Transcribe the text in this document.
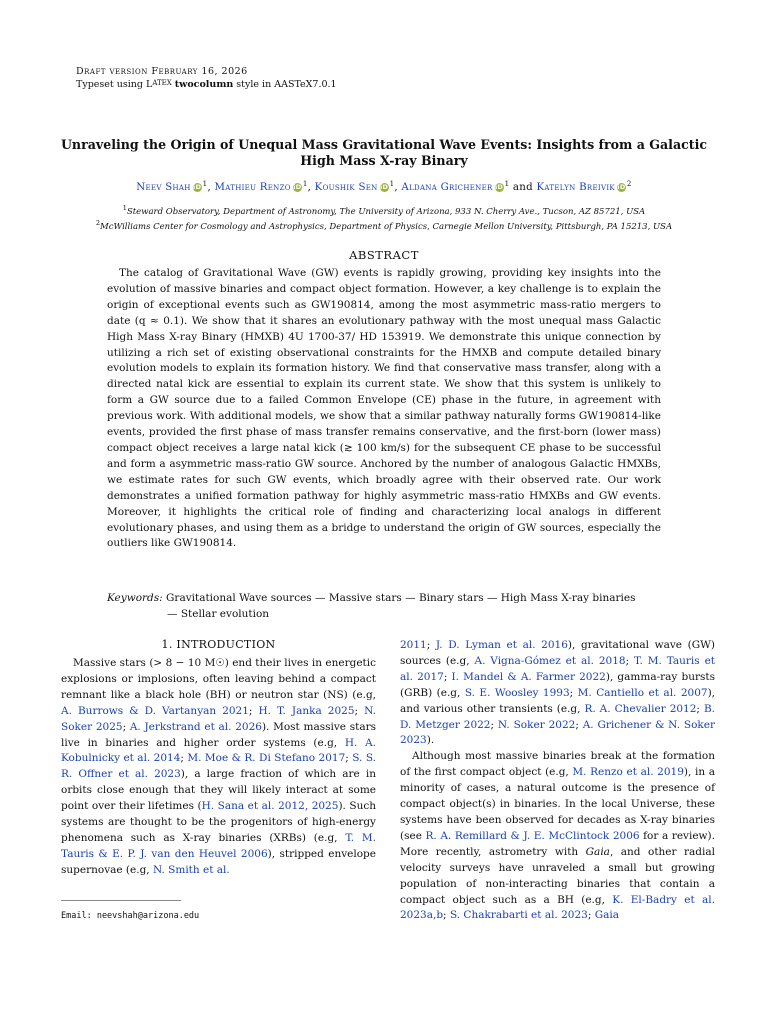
Draft version February 16, 2026
Typeset using $L^{ATEX}$ twocolumn style in AASTeX7.0.1
Unraveling the Origin of Unequal Mass Gravitational Wave Events: Insights from a Galactic High Mass X-ray Binary
Neev Shah iD$^1$, Mathieu Renzo iD$^1$, Koushik Sen iD$^1$, Aldana Grichener iD$^1$ and Katelyn Breivik iD$^2$
$^1$Steward Observatory, Department of Astronomy, The University of Arizona, 933 N. Cherry Ave., Tucson, AZ 85721, USA
$^2$McWilliams Center for Cosmology and Astrophysics, Department of Physics, Carnegie Mellon University, Pittsburgh, PA 15213, USA
ABSTRACT
The catalog of Gravitational Wave (GW) events is rapidly growing, providing key insights into the evolution of massive binaries and compact object formation. However, a key challenge is to explain the origin of exceptional events such as GW190814, among the most asymmetric mass-ratio mergers to date (q ≈ 0.1). We show that it shares an evolutionary pathway with the most unequal mass Galactic High Mass X-ray Binary (HMXB) 4U 1700-37/ HD 153919. We demonstrate this unique connection by utilizing a rich set of existing observational constraints for the HMXB and compute detailed binary evolution models to explain its formation history. We find that conservative mass transfer, along with a directed natal kick are essential to explain its current state. We show that this system is unlikely to form a GW source due to a failed Common Envelope (CE) phase in the future, in agreement with previous work. With additional models, we show that a similar pathway naturally forms GW190814-like events, provided the first phase of mass transfer remains conservative, and the first-born (lower mass) compact object receives a large natal kick (≳ 100 km/s) for the subsequent CE phase to be successful and form a asymmetric mass-ratio GW source. Anchored by the number of analogous Galactic HMXBs, we estimate rates for such GW events, which broadly agree with their observed rate. Our work demonstrates a unified formation pathway for highly asymmetric mass-ratio HMXBs and GW events. Moreover, it highlights the critical role of finding and characterizing local analogs in different evolutionary phases, and using them as a bridge to understand the origin of GW sources, especially the outliers like GW190814.
Keywords: Gravitational Wave sources — Massive stars — Binary stars — High Mass X-ray binaries
— Stellar evolution
1. INTRODUCTION

Massive stars (> 8 − 10 M☉) end their lives in energetic explosions or implosions, often leaving behind a compact remnant like a black hole (BH) or neutron star (NS) (e.g, A. Burrows & D. Vartanyan 2021; H. T. Janka 2025; N. Soker 2025; A. Jerkstrand et al. 2026). Most massive stars live in binaries and higher order systems (e.g, H. A. Kobulnicky et al. 2014; M. Moe & R. Di Stefano 2017; S. S. R. Offner et al. 2023), a large fraction of which are in orbits close enough that they will likely interact at some point over their lifetimes (H. Sana et al. 2012, 2025). Such systems are thought to be the progenitors of high-energy phenomena such as X-ray binaries (XRBs) (e.g, T. M. Tauris & E. P. J. van den Heuvel 2006), stripped envelope supernovae (e.g, N. Smith et al.

2011; J. D. Lyman et al. 2016), gravitational wave (GW) sources (e.g, A. Vigna-Gómez et al. 2018; T. M. Tauris et al. 2017; I. Mandel & A. Farmer 2022), gamma-ray bursts (GRB) (e.g, S. E. Woosley 1993; M. Cantiello et al. 2007), and various other transients (e.g, R. A. Chevalier 2012; B. D. Metzger 2022; N. Soker 2022; A. Grichener & N. Soker 2023).

Although most massive binaries break at the formation of the first compact object (e.g, M. Renzo et al. 2019), in a minority of cases, a natural outcome is the presence of compact object(s) in binaries. In the local Universe, these systems have been observed for decades as X-ray binaries (see R. A. Remillard & J. E. McClintock 2006 for a review). More recently, astrometry with Gaia, and other radial velocity surveys have unraveled a small but growing population of non-interacting binaries that contain a compact object such as a BH (e.g, K. El-Badry et al. 2023a,b; S. Chakrabarti et al. 2023; Gaia

Email: neevshah@arizona.edu
